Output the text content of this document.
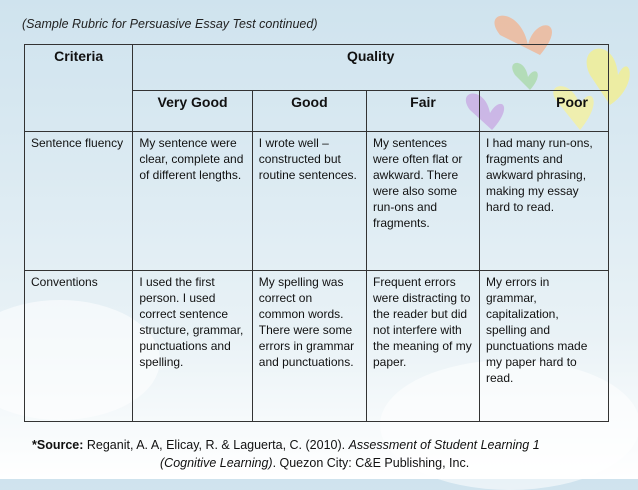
(Sample Rubric for Persuasive Essay Test continued)
Criteria	Quality			
	Very Good	Good	Fair	Poor
Sentence fluency	My sentence were clear, complete and of different lengths.	I wrote well – constructed but routine sentences.	My sentences were often flat or awkward. There were also some run-ons and fragments.	I had many run-ons, fragments and awkward phrasing, making my essay hard to read.
Conventions	I used the first person. I used correct sentence structure, grammar, punctuations and spelling.	My spelling was correct on common words. There were some errors in grammar and punctuations.	Frequent errors were distracting to the reader but did not interfere with the meaning of my paper.	My errors in grammar, capitalization, spelling and punctuations made my paper hard to read.
*Source: Reganit, A. A, Elicay, R. & Laguerta, C. (2010). Assessment of Student Learning 1
(Cognitive Learning). Quezon City: C&E Publishing, Inc.
